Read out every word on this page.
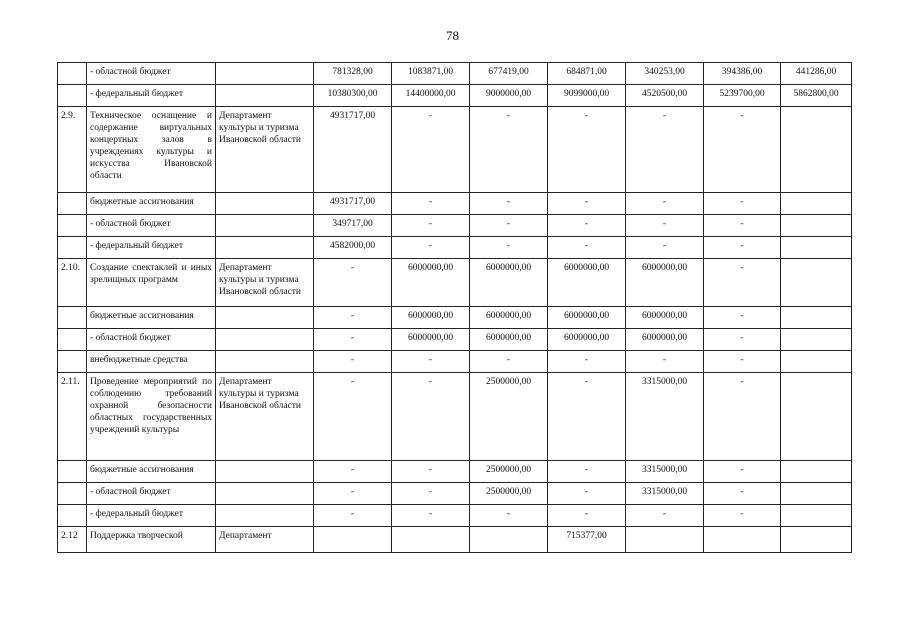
78
	- областной бюджет		781328,00	1083871,00	677419,00	684871,00	340253,00	394386,00	441286,00
	- федеральный бюджет		10380300,00	14400000,00	9000000,00	9099000,00	4520500,00	5239700,00	5862800,00
2.9.	Техническое оснащение и содержание виртуальных концертных залов в учреждениях культуры и искусства Ивановской области	Департамент культуры и туризма Ивановской области	4931717,00	-	-	-	-	-	
	бюджетные ассигнования		4931717,00	-	-	-	-	-	
	- областной бюджет		349717,00	-	-	-	-	-	
	- федеральный бюджет		4582000,00	-	-	-	-	-	
2.10.	Создание спектаклей и иных зрелищных программ	Департамент культуры и туризма Ивановской области	-	6000000,00	6000000,00	6000000,00	6000000,00	-	
	бюджетные ассигнования		-	6000000,00	6000000,00	6000000,00	6000000,00	-	
	- областной бюджет		-	6000000,00	6000000,00	6000000,00	6000000,00	-	
	внебюджетные средства		-	-	-	-	-	-	
2.11.	Проведение мероприятий по соблюдению требований охранной безопасности областных государственных учреждений культуры	Департамент культуры и туризма Ивановской области	-	-	2500000,00	-	3315000,00	-	
	бюджетные ассигнования		-	-	2500000,00	-	3315000,00	-	
	- областной бюджет		-	-	2500000,00	-	3315000,00	-	
	- федеральный бюджет		-	-	-	-	-	-	
2.12	Поддержка творческой	Департамент				715377,00			
